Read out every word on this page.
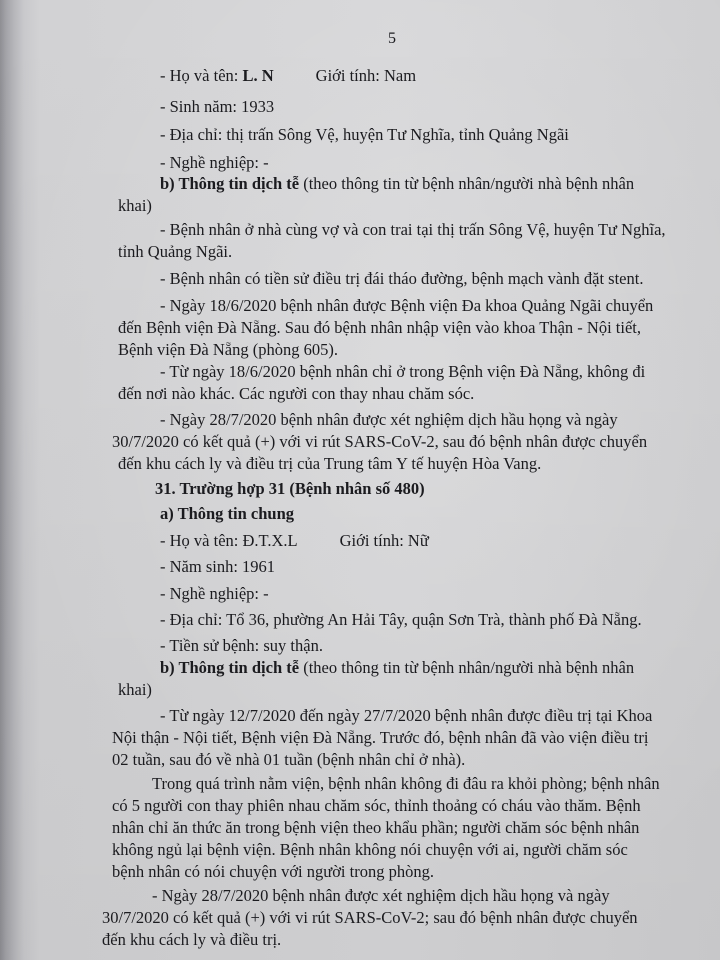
5
- Họ và tên: L. N	Giới tính: Nam
- Sinh năm: 1933
- Địa chỉ: thị trấn Sông Vệ, huyện Tư Nghĩa, tỉnh Quảng Ngãi
- Nghề nghiệp: -
b) Thông tin dịch tễ (theo thông tin từ bệnh nhân/người nhà bệnh nhân
khai)
- Bệnh nhân ở nhà cùng vợ và con trai tại thị trấn Sông Vệ, huyện Tư Nghĩa,
tỉnh Quảng Ngãi.
- Bệnh nhân có tiền sử điều trị đái tháo đường, bệnh mạch vành đặt stent.
- Ngày 18/6/2020 bệnh nhân được Bệnh viện Đa khoa Quảng Ngãi chuyển
đến Bệnh viện Đà Nẵng. Sau đó bệnh nhân nhập viện vào khoa Thận - Nội tiết,
Bệnh viện Đà Nẵng (phòng 605).
- Từ ngày 18/6/2020 bệnh nhân chỉ ở trong Bệnh viện Đà Nẵng, không đi
đến nơi nào khác. Các người con thay nhau chăm sóc.
- Ngày 28/7/2020 bệnh nhân được xét nghiệm dịch hầu họng và ngày
30/7/2020 có kết quả (+) với vi rút SARS-CoV-2, sau đó bệnh nhân được chuyển
đến khu cách ly và điều trị của Trung tâm Y tế huyện Hòa Vang.
31. Trường hợp 31 (Bệnh nhân số 480)
a) Thông tin chung
- Họ và tên: Đ.T.X.L	Giới tính: Nữ
- Năm sinh: 1961
- Nghề nghiệp: -
- Địa chỉ: Tổ 36, phường An Hải Tây, quận Sơn Trà, thành phố Đà Nẵng.
- Tiền sử bệnh: suy thận.
b) Thông tin dịch tễ (theo thông tin từ bệnh nhân/người nhà bệnh nhân
khai)
- Từ ngày 12/7/2020 đến ngày 27/7/2020 bệnh nhân được điều trị tại Khoa
Nội thận - Nội tiết, Bệnh viện Đà Nẵng. Trước đó, bệnh nhân đã vào viện điều trị
02 tuần, sau đó về nhà 01 tuần (bệnh nhân chỉ ở nhà).
Trong quá trình nằm viện, bệnh nhân không đi đâu ra khỏi phòng; bệnh nhân
có 5 người con thay phiên nhau chăm sóc, thỉnh thoảng có cháu vào thăm. Bệnh
nhân chỉ ăn thức ăn trong bệnh viện theo khẩu phần; người chăm sóc bệnh nhân
không ngủ lại bệnh viện. Bệnh nhân không nói chuyện với ai, người chăm sóc
bệnh nhân có nói chuyện với người trong phòng.
- Ngày 28/7/2020 bệnh nhân được xét nghiệm dịch hầu họng và ngày
30/7/2020 có kết quả (+) với vi rút SARS-CoV-2; sau đó bệnh nhân được chuyển
đến khu cách ly và điều trị.
